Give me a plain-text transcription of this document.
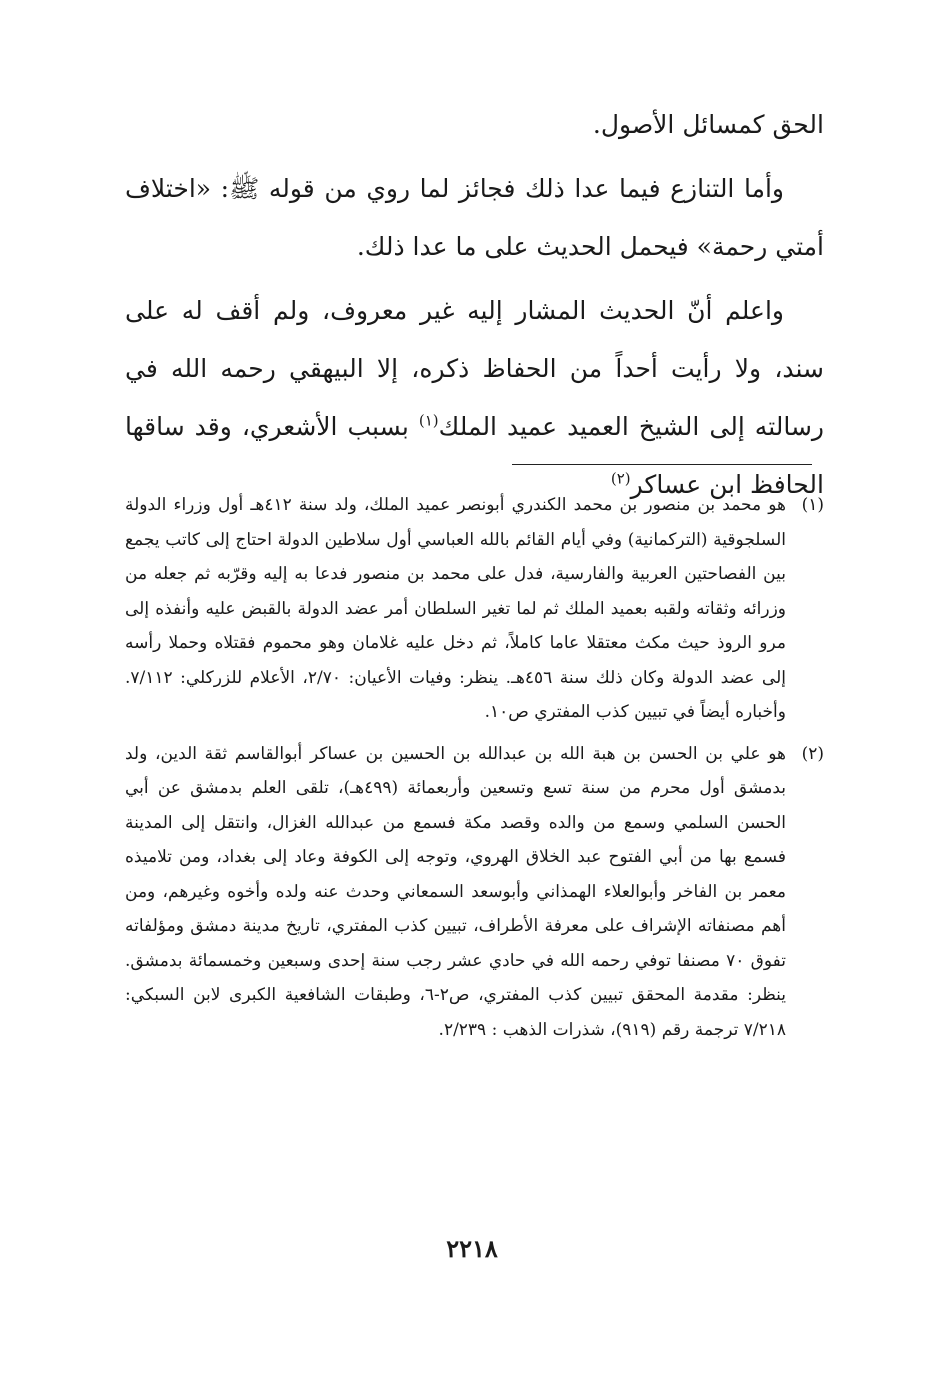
الحق كمسائل الأصول.

وأما التنازع فيما عدا ذلك فجائز لما روي من قوله ﷺ: «اختلاف أمتي رحمة» فيحمل الحديث على ما عدا ذلك.

واعلم أنّ الحديث المشار إليه غير معروف، ولم أقف له على سند، ولا رأيت أحداً من الحفاظ ذكره، إلا البيهقي رحمه الله في رسالته إلى الشيخ العميد عميد الملك$^{(١)}$ بسبب الأشعري، وقد ساقها الحافظ ابن عساكر$^{(٢)}$

(١)
هو محمد بن منصور بن محمد الكندري أبونصر عميد الملك، ولد سنة ٤١٢هـ أول وزراء الدولة السلجوقية (التركمانية) وفي أيام القائم بالله العباسي أول سلاطين الدولة احتاج إلى كاتب يجمع بين الفصاحتين العربية والفارسية، فدل على محمد بن منصور فدعا به إليه وقرّبه ثم جعله من وزرائه وثقاته ولقبه بعميد الملك ثم لما تغير السلطان أمر عضد الدولة بالقبض عليه وأنفذه إلى مرو الروذ حيث مكث معتقلا عاما كاملاً، ثم دخل عليه غلامان وهو محموم فقتلاه وحملا رأسه إلى عضد الدولة وكان ذلك سنة ٤٥٦هـ. ينظر: وفيات الأعيان: ٢/٧٠، الأعلام للزركلي: ٧/١١٢. وأخباره أيضاً في تبيين كذب المفتري ص١٠.

(٢)
هو علي بن الحسن بن هبة الله بن عبدالله بن الحسين بن عساكر أبوالقاسم ثقة الدين، ولد بدمشق أول محرم من سنة تسع وتسعين وأربعمائة (٤٩٩هـ)، تلقى العلم بدمشق عن أبي الحسن السلمي وسمع من والده وقصد مكة فسمع من عبدالله الغزال، وانتقل إلى المدينة فسمع بها من أبي الفتوح عبد الخلاق الهروي، وتوجه إلى الكوفة وعاد إلى بغداد، ومن تلاميذه معمر بن الفاخر وأبوالعلاء الهمذاني وأبوسعد السمعاني وحدث عنه ولده وأخوه وغيرهم، ومن أهم مصنفاته الإشراف على معرفة الأطراف، تبيين كذب المفتري، تاريخ مدينة دمشق ومؤلفاته تفوق ٧٠ مصنفا توفي رحمه الله في حادي عشر رجب سنة إحدى وسبعين وخمسمائة بدمشق. ينظر: مقدمة المحقق تبيين كذب المفتري، ص٢-٦، وطبقات الشافعية الكبرى لابن السبكي: ٧/٢١٨ ترجمة رقم (٩١٩)، شذرات الذهب : ٢/٢٣٩.

٢٢١٨
